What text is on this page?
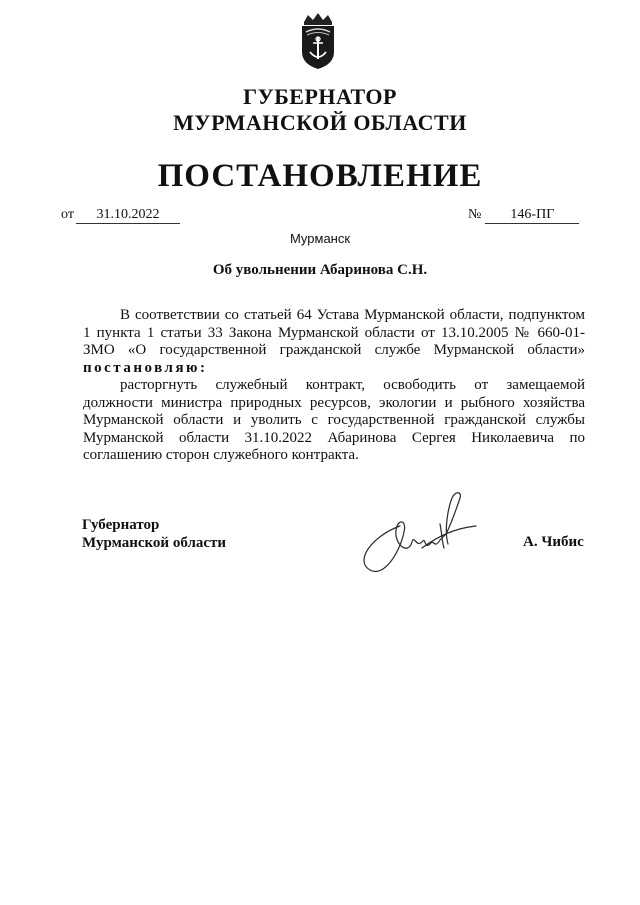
ГУБЕРНАТОР
МУРМАНСКОЙ ОБЛАСТИ
ПОСТАНОВЛЕНИЕ
от 31.10.2022	№ 146-ПГ
Мурманск
Об увольнении Абаринова С.Н.
В соответствии со статьей 64 Устава Мурманской области, подпунктом 1 пункта 1 статьи 33 Закона Мурманской области от 13.10.2005 № 660-01-ЗМО «О государственной гражданской службе Мурманской области» постановляю:
расторгнуть служебный контракт, освободить от замещаемой должности министра природных ресурсов, экологии и рыбного хозяйства Мурманской области и уволить с государственной гражданской службы Мурманской области 31.10.2022 Абаринова Сергея Николаевича по соглашению сторон служебного контракта.
Губернатор
Мурманской области	А. Чибис
